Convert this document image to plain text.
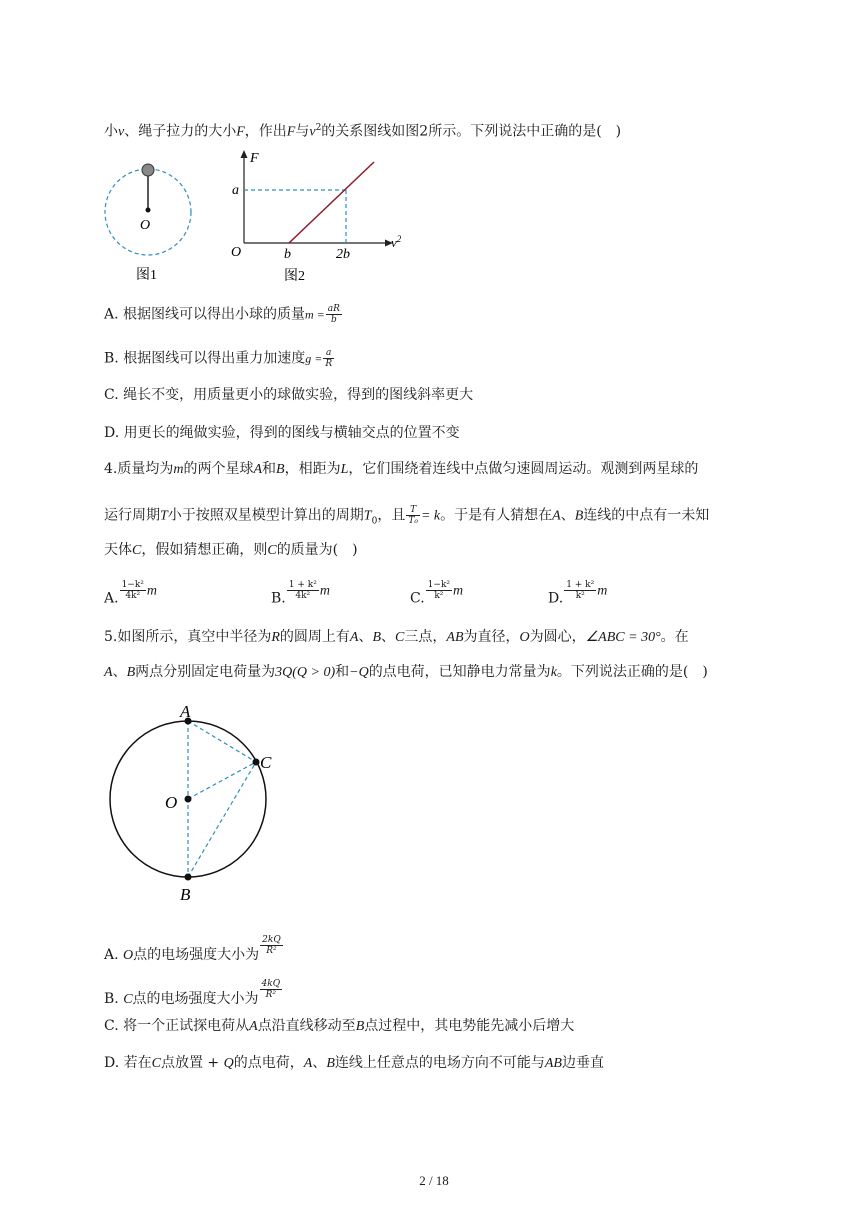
小v、绳子拉力的大小F，作出F与$v^2$的关系图线如图2所示。下列说法中正确的是(　)
O
图1
F
a
O	b	2b
$v^2$
图2
A. 根据图线可以得出小球的质量$m = \frac{aR}{b}$
B. 根据图线可以得出重力加速度$g = \frac{a}{R}$
C. 绳长不变，用质量更小的球做实验，得到的图线斜率更大
D. 用更长的绳做实验，得到的图线与横轴交点的位置不变
4.质量均为m的两个星球A和B，相距为L，它们围绕着连线中点做匀速圆周运动。观测到两星球的
运行周期T小于按照双星模型计算出的周期$T_0$，且 $\frac{T}{\text{T₀}} = k$。于是有人猜想在A、B连线的中点有一未知
天体C，假如猜想正确，则C的质量为(　)
A. $\frac{\text{1−k²}}{\text{4k²}}$ m	B. $\frac{\text{1 + k²}}{\text{4k²}}$ m	C. $\frac{\text{1−k²}}{\text{k²}}$ m	D. $\frac{\text{1 + k²}}{\text{k²}}$ m
5.如图所示，真空中半径为R的圆周上有A、B、C三点，AB为直径，O为圆心，∠ABC = 30°。在
A、B两点分别固定电荷量为3Q(Q > 0)和−Q的点电荷，已知静电力常量为k。下列说法正确的是(　)
A
B
C
O
A. O点的电场强度大小为 $\frac{2kQ}{\text{R²}}$
B. C点的电场强度大小为 $\frac{4kQ}{\text{R²}}$
C. 将一个正试探电荷从A点沿直线移动至B点过程中，其电势能先减小后增大
D. 若在C点放置 + Q的点电荷，A、B连线上任意点的电场方向不可能与AB边垂直
2 / 18
